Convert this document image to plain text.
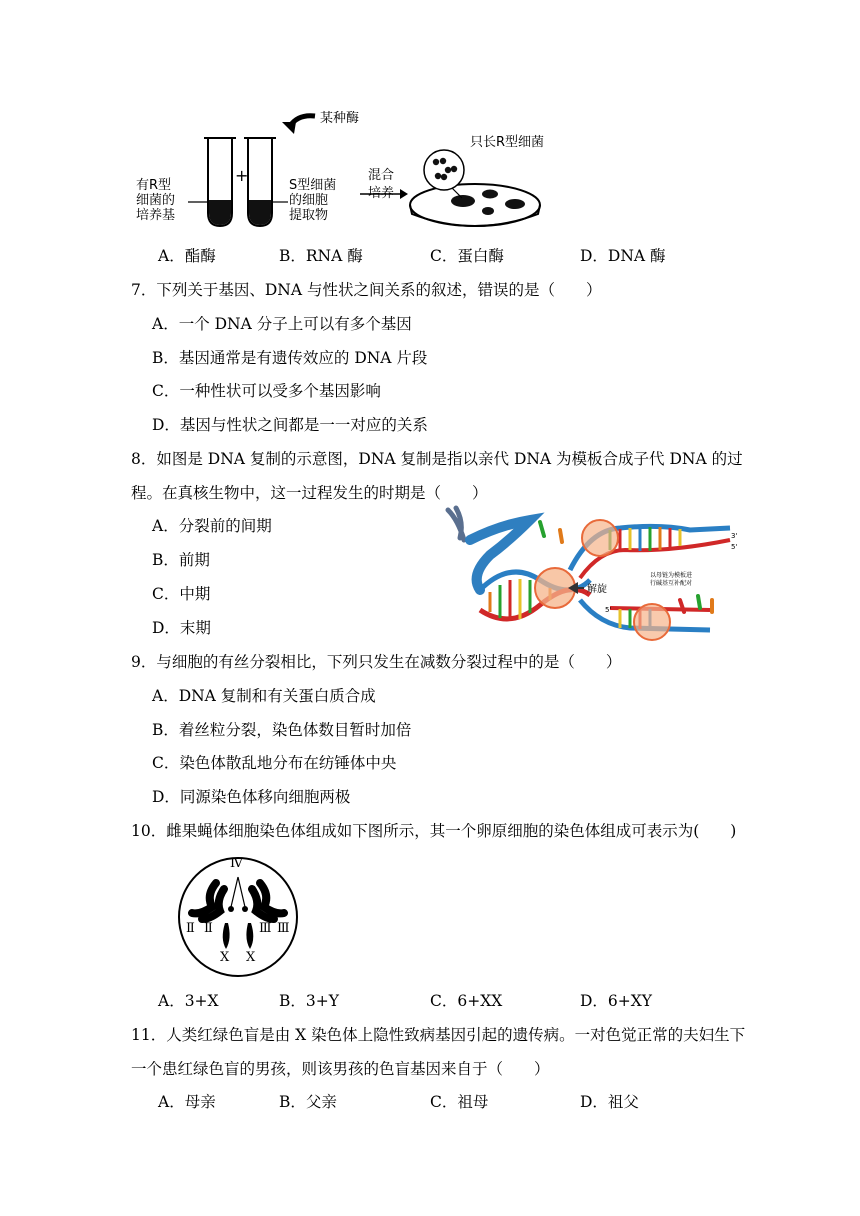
+
某种酶
有R型
细菌的
培养基
S型细菌
的细胞
提取物
混合
培养
只长R型细菌
A．酯酶	B．RNA 酶	C．蛋白酶	D．DNA 酶
7．下列关于基因、DNA 与性状之间关系的叙述，错误的是（　　）
A．一个 DNA 分子上可以有多个基因
B．基因通常是有遗传效应的 DNA 片段
C．一种性状可以受多个基因影响
D．基因与性状之间都是一一对应的关系
8．如图是 DNA 复制的示意图，DNA 复制是指以亲代 DNA 为模板合成子代 DNA 的过
程。在真核生物中，这一过程发生的时期是（　　）
A．分裂前的间期
B．前期
C．中期
D．末期
解旋
以母链为模板进
行碱基互补配对
3'
5'
5'
9．与细胞的有丝分裂相比，下列只发生在减数分裂过程中的是（　　）
A．DNA 复制和有关蛋白质合成
B．着丝粒分裂，染色体数目暂时加倍
C．染色体散乱地分布在纺锤体中央
D．同源染色体移向细胞两极
10．雌果蝇体细胞染色体组成如下图所示，其一个卵原细胞的染色体组成可表示为(　　)
Ⅳ
Ⅱ Ⅱ	Ⅲ Ⅲ
X X
A．3+X	B．3+Y	C．6+XX	D．6+XY
11．人类红绿色盲是由 X 染色体上隐性致病基因引起的遗传病。一对色觉正常的夫妇生下
一个患红绿色盲的男孩，则该男孩的色盲基因来自于（　　）
A．母亲	B．父亲	C．祖母	D．祖父
